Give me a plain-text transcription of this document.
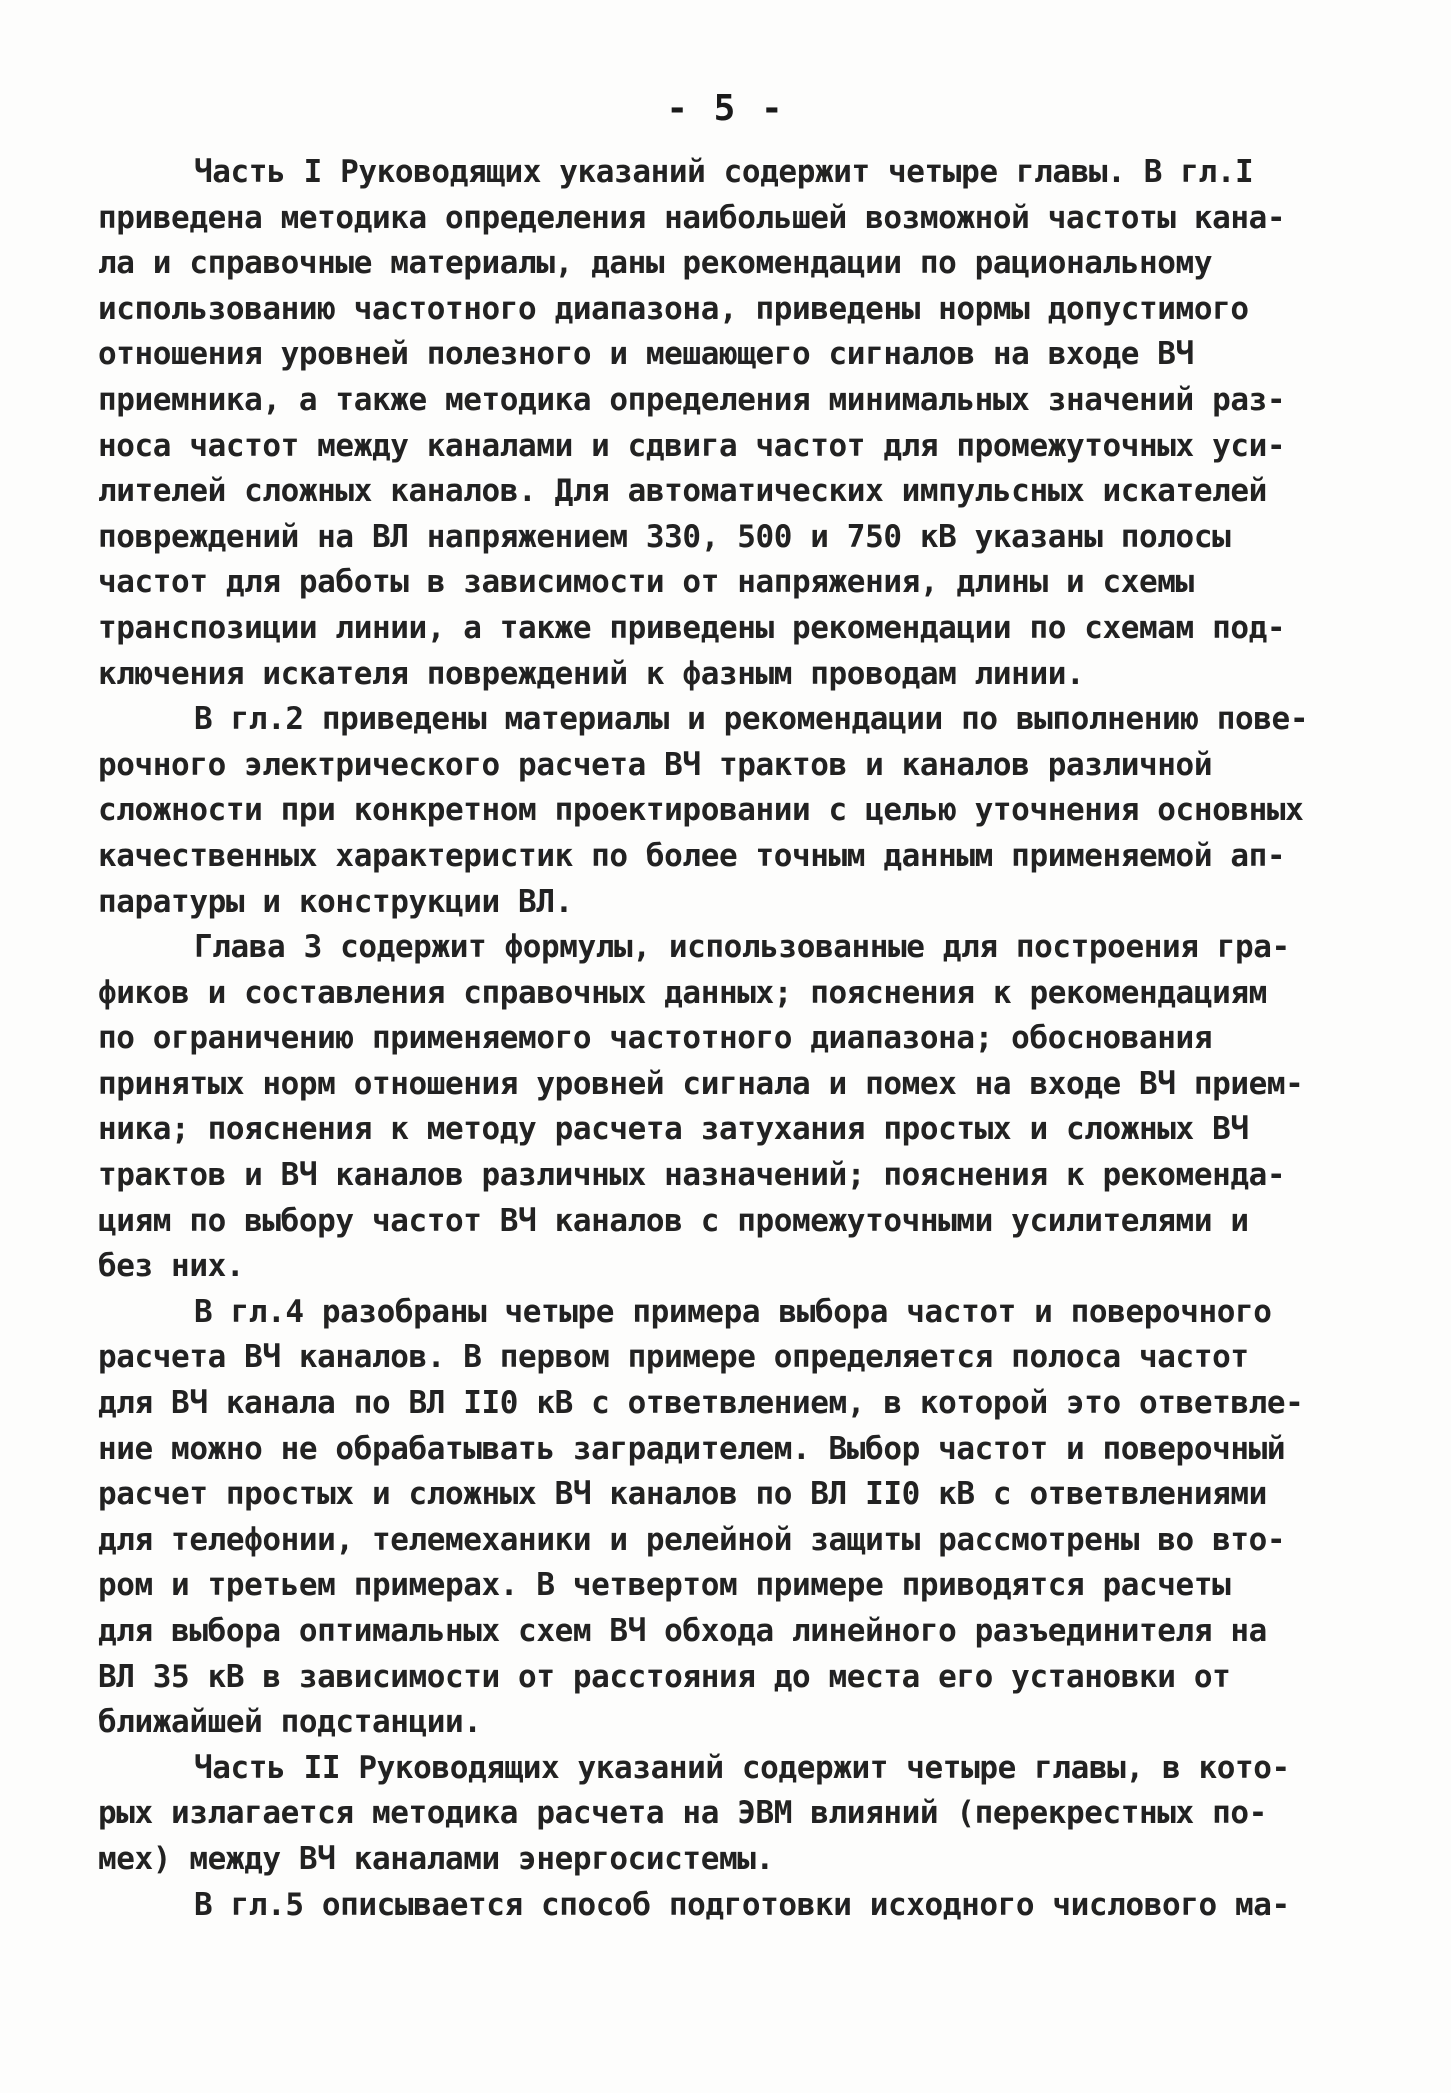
- 5 -
Часть I Руководящих указаний содержит четыре главы. В гл.I
приведена методика определения наибольшей возможной частоты кана-
ла и справочные материалы, даны рекомендации по рациональному
использованию частотного диапазона, приведены нормы допустимого
отношения уровней полезного и мешающего сигналов на входе ВЧ
приемника, а также методика определения минимальных значений раз-
носа частот между каналами и сдвига частот для промежуточных уси-
лителей сложных каналов. Для автоматических импульсных искателей
повреждений на ВЛ напряжением 330, 500 и 750 кВ указаны полосы
частот для работы в зависимости от напряжения, длины и схемы
транспозиции линии, а также приведены рекомендации по схемам под-
ключения искателя повреждений к фазным проводам линии.
В гл.2 приведены материалы и рекомендации по выполнению пове-
рочного электрического расчета ВЧ трактов и каналов различной
сложности при конкретном проектировании с целью уточнения основных
качественных характеристик по более точным данным применяемой ап-
паратуры и конструкции ВЛ.
Глава 3 содержит формулы, использованные для построения гра-
фиков и составления справочных данных; пояснения к рекомендациям
по ограничению применяемого частотного диапазона; обоснования
принятых норм отношения уровней сигнала и помех на входе ВЧ прием-
ника; пояснения к методу расчета затухания простых и сложных ВЧ
трактов и ВЧ каналов различных назначений; пояснения к рекоменда-
циям по выбору частот ВЧ каналов с промежуточными усилителями и
без них.
В гл.4 разобраны четыре примера выбора частот и поверочного
расчета ВЧ каналов. В первом примере определяется полоса частот
для ВЧ канала по ВЛ II0 кВ с ответвлением, в которой это ответвле-
ние можно не обрабатывать заградителем. Выбор частот и поверочный
расчет простых и сложных ВЧ каналов по ВЛ II0 кВ с ответвлениями
для телефонии, телемеханики и релейной защиты рассмотрены во вто-
ром и третьем примерах. В четвертом примере приводятся расчеты
для выбора оптимальных схем ВЧ обхода линейного разъединителя на
ВЛ 35 кВ в зависимости от расстояния до места его установки от
ближайшей подстанции.
Часть II Руководящих указаний содержит четыре главы, в кото-
рых излагается методика расчета на ЭВМ влияний (перекрестных по-
мех) между ВЧ каналами энергосистемы.
В гл.5 описывается способ подготовки исходного числового ма-
